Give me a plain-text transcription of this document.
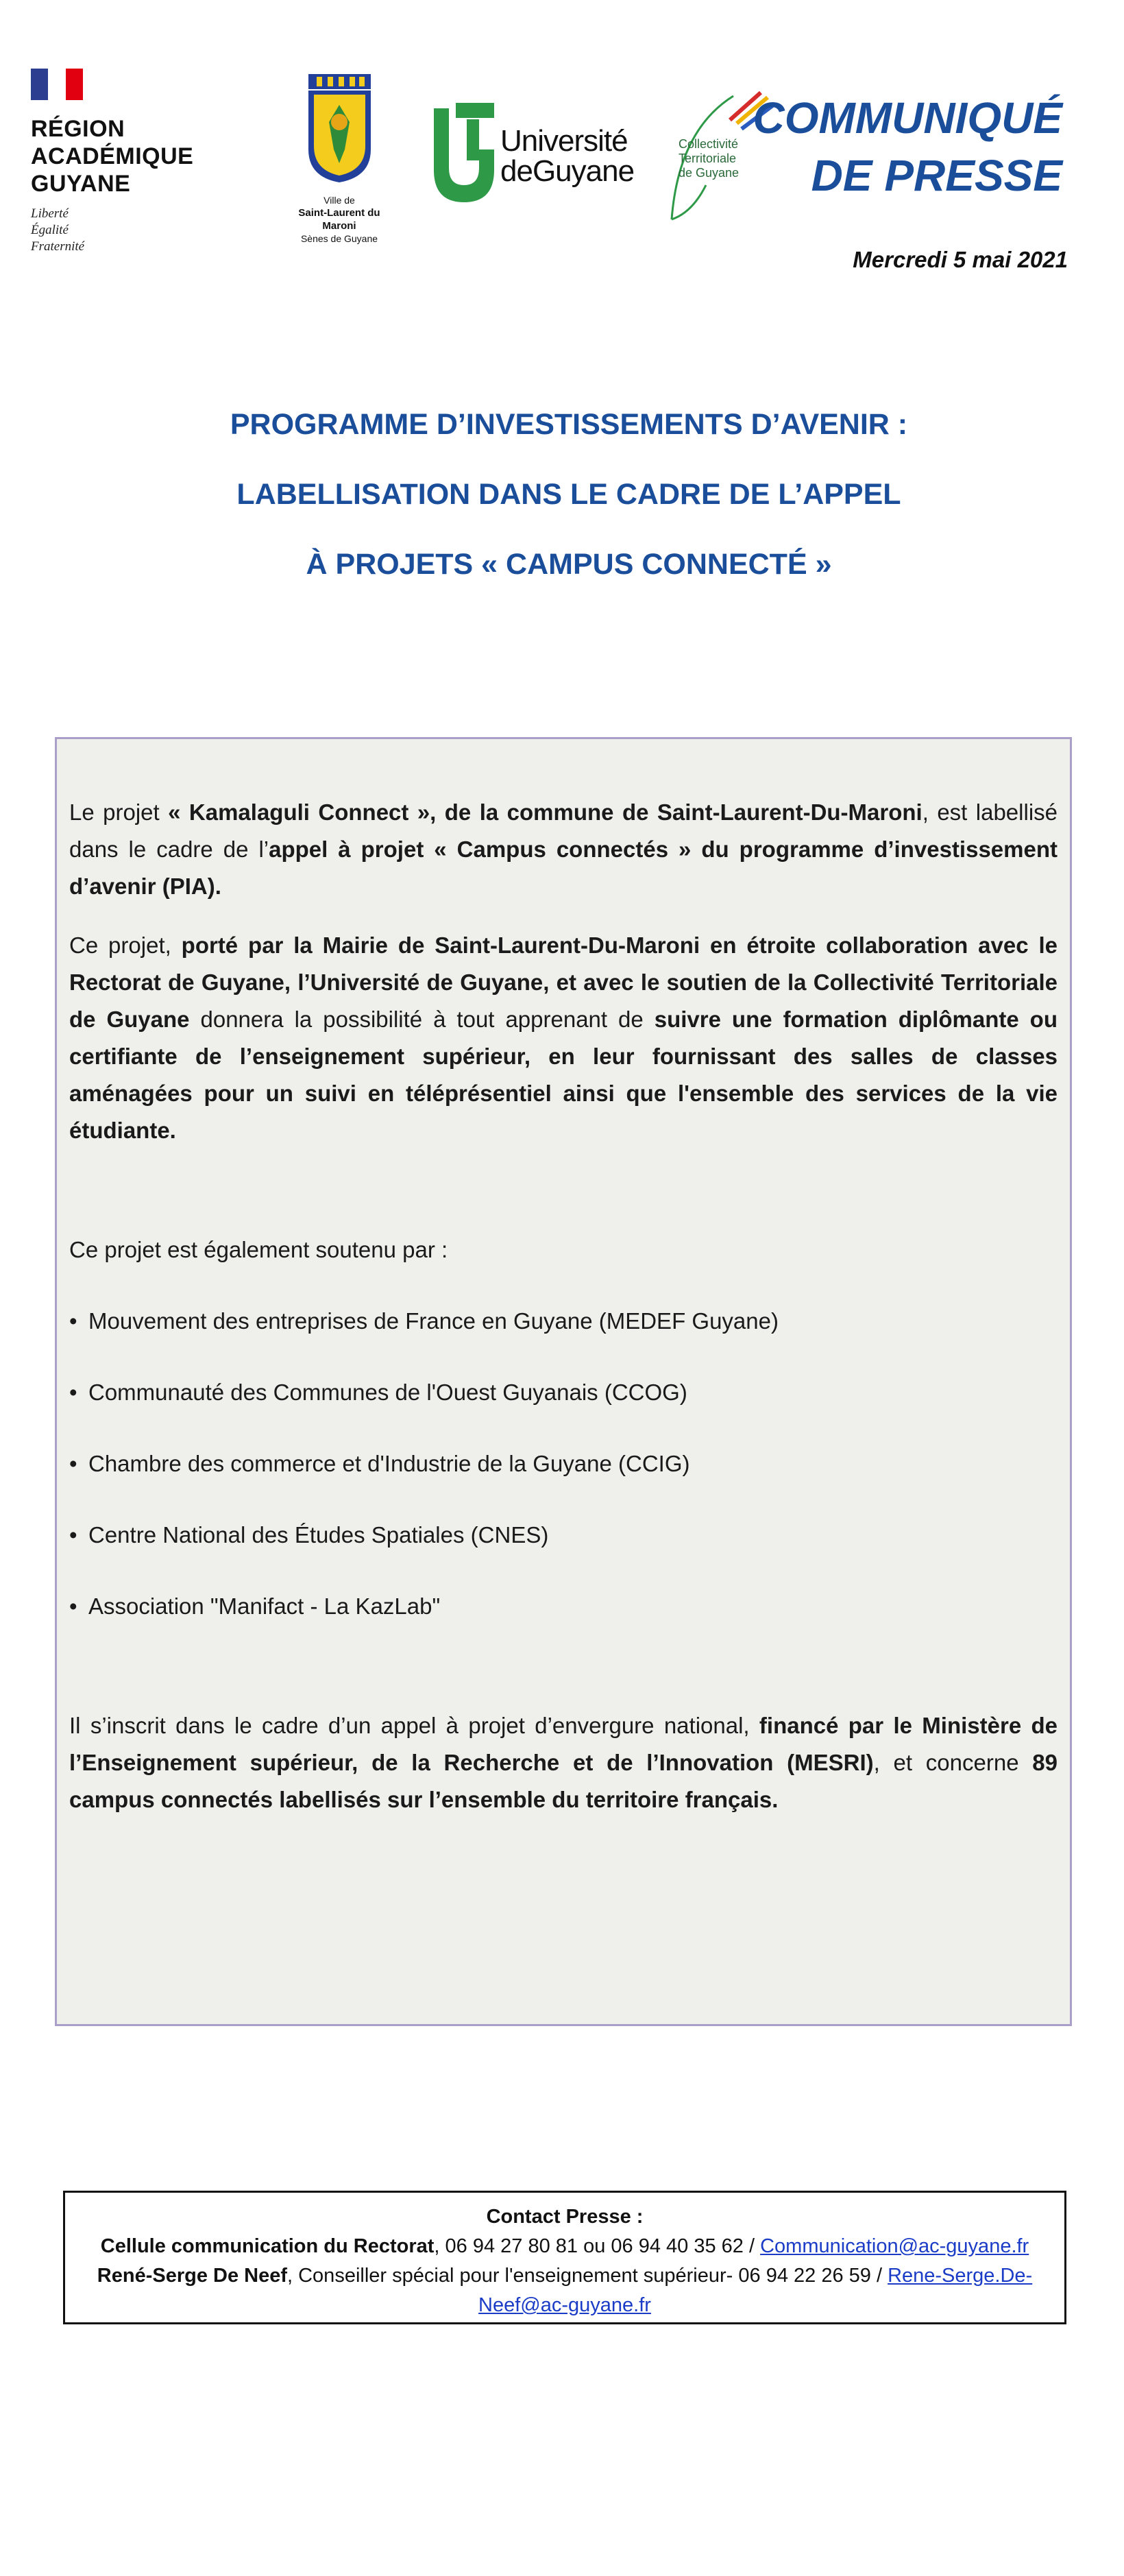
RÉGION ACADÉMIQUE
GUYANE
Liberté
Égalité
Fraternité
Ville de
Saint-Laurent du Maroni
Sènes de Guyane
Université
deGuyane
Collectivité
Territoriale
de Guyane
COMMUNIQUÉ
DE PRESSE
Mercredi 5 mai 2021
PROGRAMME D’INVESTISSEMENTS D’AVENIR :
LABELLISATION DANS LE CADRE DE L’APPEL
À PROJETS « CAMPUS CONNECTÉ »

Le projet « Kamalaguli Connect », de la commune de Saint-Laurent-Du-Maroni, est labellisé dans le cadre de l’appel à projet « Campus connectés » du programme d’investissement d’avenir (PIA).

Ce projet, porté par la Mairie de Saint-Laurent-Du-Maroni en étroite collaboration avec le Rectorat de Guyane, l’Université de Guyane, et avec le soutien de la Collectivité Territoriale de Guyane donnera la possibilité à tout apprenant de suivre une formation diplômante ou certifiante de l’enseignement supérieur, en leur fournissant des salles de classes aménagées pour un suivi en téléprésentiel ainsi que l'ensemble des services de la vie étudiante.

Ce projet est également soutenu par :

• Mouvement des entreprises de France en Guyane (MEDEF Guyane)
• Communauté des Communes de l'Ouest Guyanais (CCOG)
• Chambre des commerce et d'Industrie de la Guyane (CCIG)
• Centre National des Études Spatiales (CNES)
• Association "Manifact - La KazLab"

Il s’inscrit dans le cadre d’un appel à projet d’envergure national, financé par le Ministère de l’Enseignement supérieur, de la Recherche et de l’Innovation (MESRI), et concerne 89 campus connectés labellisés sur l’ensemble du territoire français.

Contact Presse :
Cellule communication du Rectorat, 06 94 27 80 81 ou 06 94 40 35 62 / Communication@ac-guyane.fr
René-Serge De Neef, Conseiller spécial pour l'enseignement supérieur- 06 94 22 26 59 / Rene-Serge.De-Neef@ac-guyane.fr
